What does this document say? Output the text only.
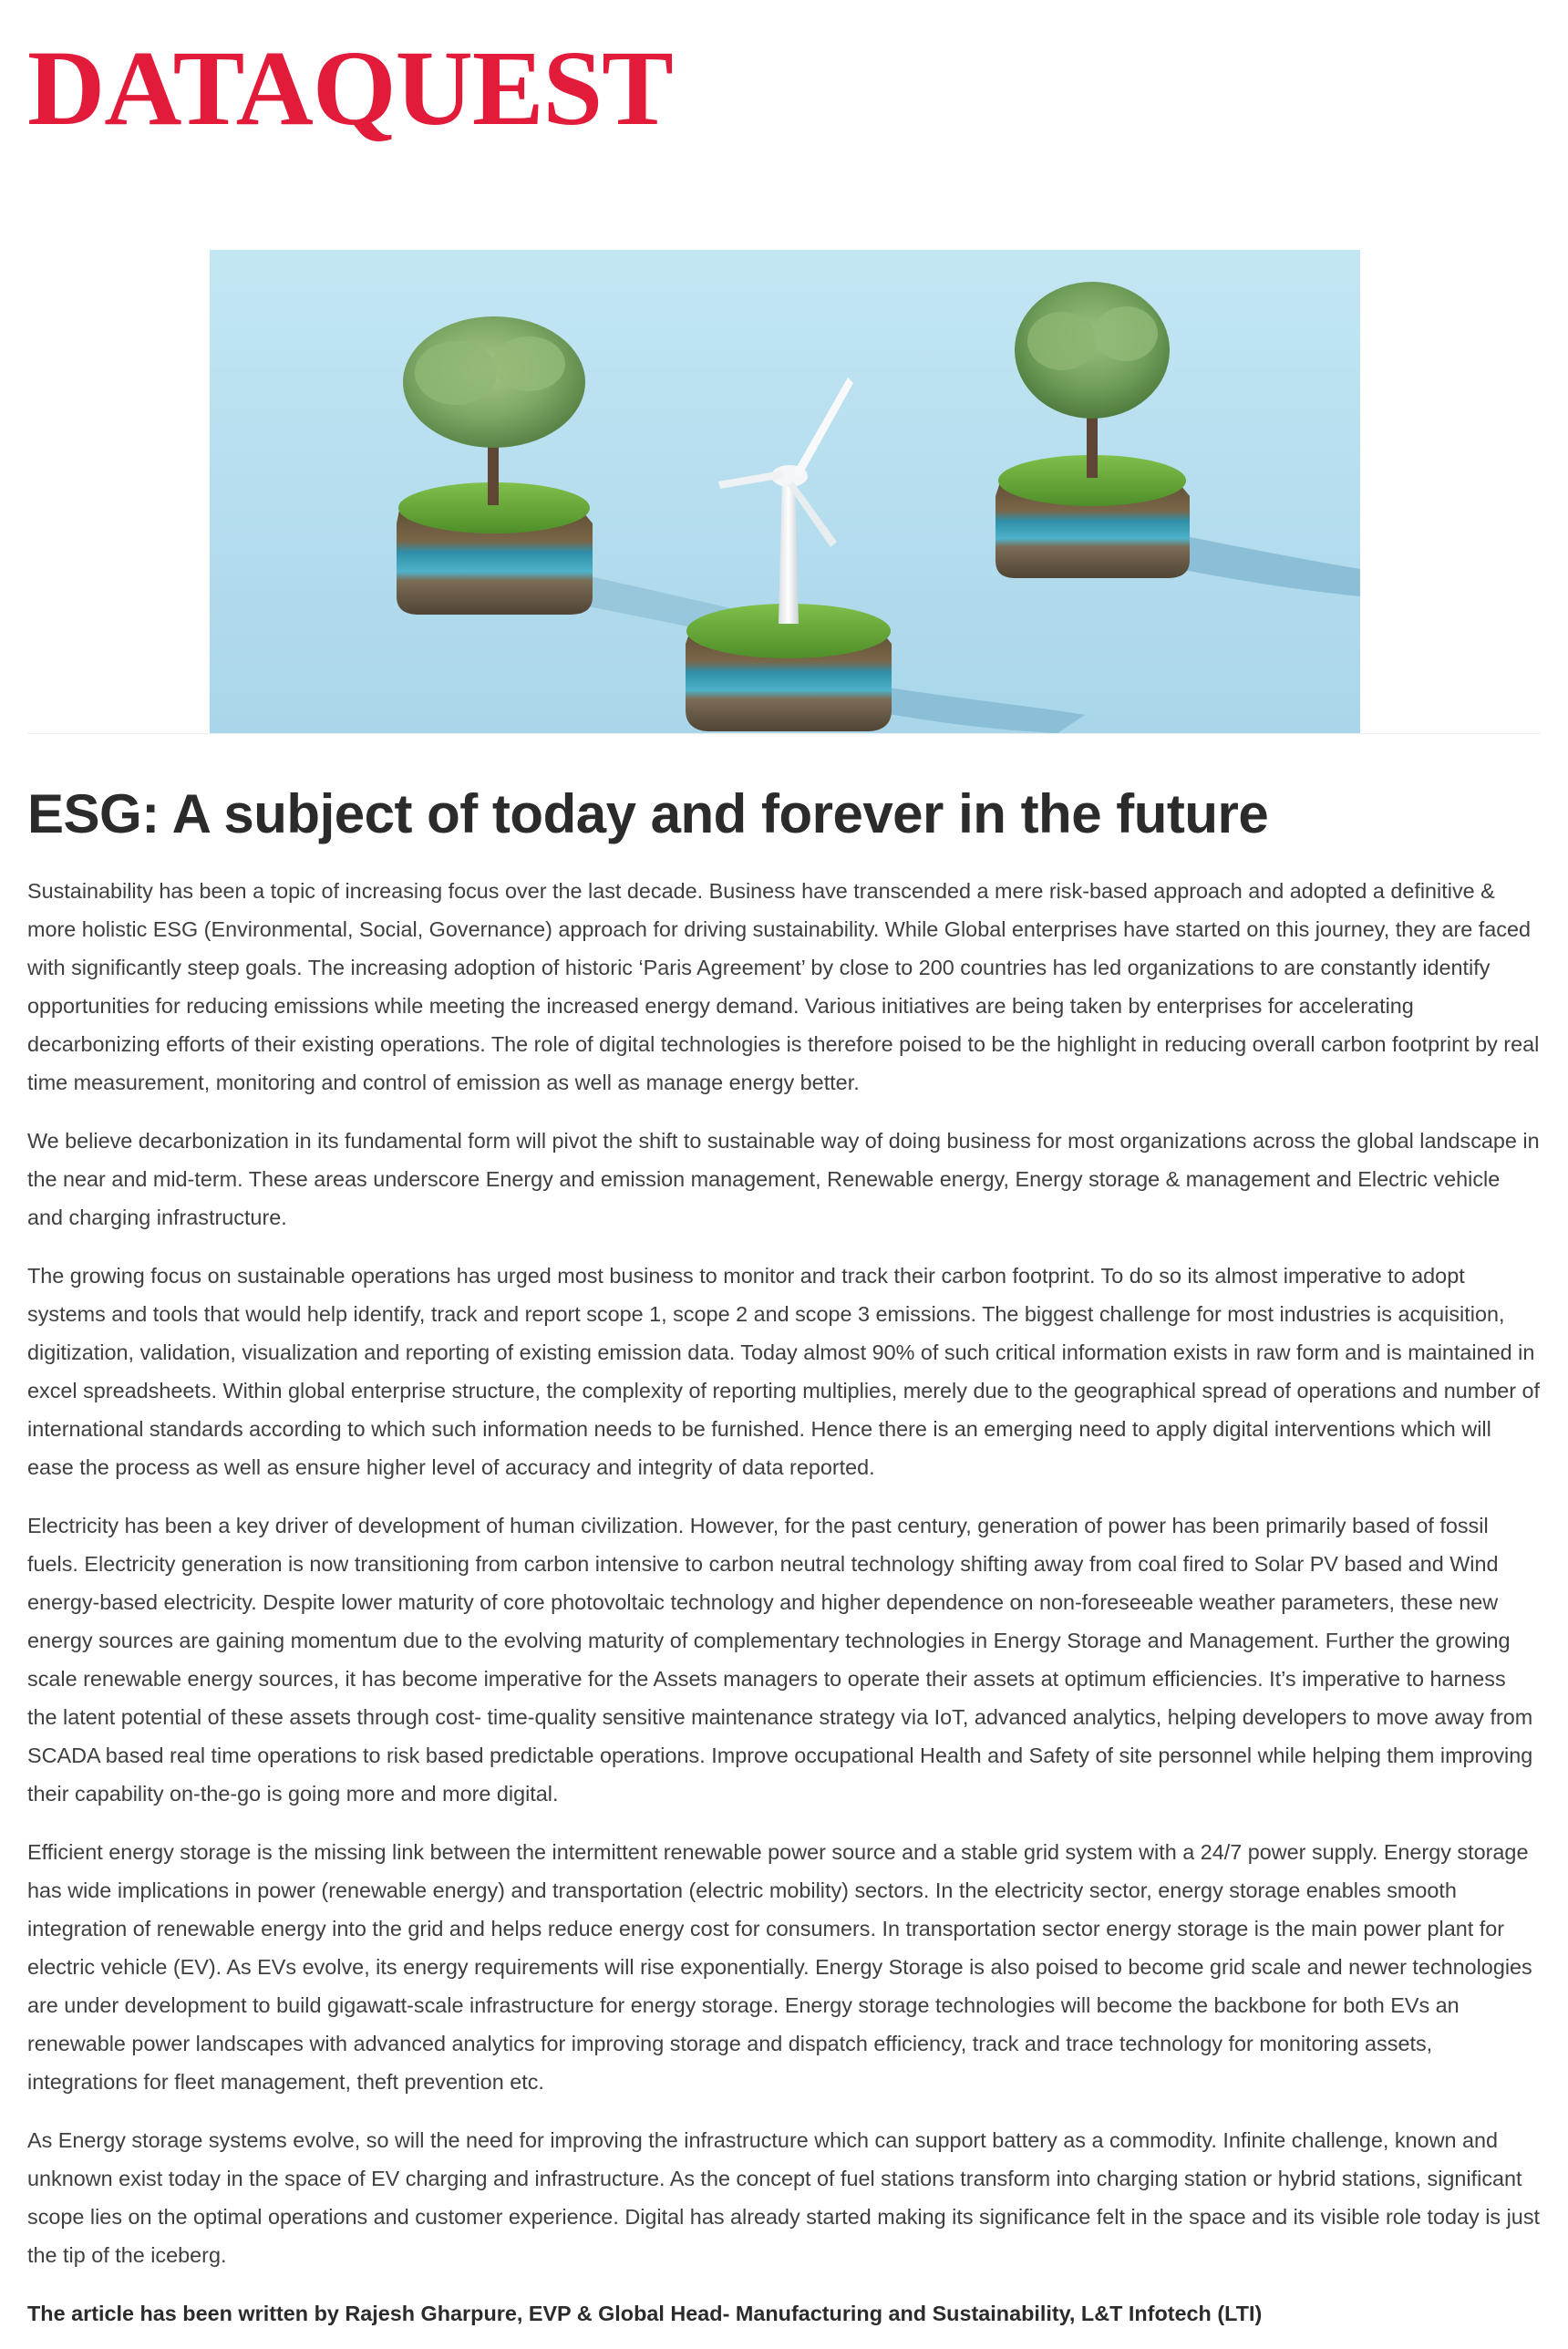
DATAQUEST
ESG: A subject of today and forever in the future

Sustainability has been a topic of increasing focus over the last decade. Business have transcended a mere risk-based approach and adopted a definitive & more holistic ESG (Environmental, Social, Governance) approach for driving sustainability. While Global enterprises have started on this journey, they are faced with significantly steep goals. The increasing adoption of historic ‘Paris Agreement’ by close to 200 countries has led organizations to are constantly identify opportunities for reducing emissions while meeting the increased energy demand. Various initiatives are being taken by enterprises for accelerating decarbonizing efforts of their existing operations. The role of digital technologies is therefore poised to be the highlight in reducing overall carbon footprint by real time measurement, monitoring and control of emission as well as manage energy better.

We believe decarbonization in its fundamental form will pivot the shift to sustainable way of doing business for most organizations across the global landscape in the near and mid-term. These areas underscore Energy and emission management, Renewable energy, Energy storage & management and Electric vehicle and charging infrastructure.

The growing focus on sustainable operations has urged most business to monitor and track their carbon footprint. To do so its almost imperative to adopt systems and tools that would help identify, track and report scope 1, scope 2 and scope 3 emissions. The biggest challenge for most industries is acquisition, digitization, validation, visualization and reporting of existing emission data. Today almost 90% of such critical information exists in raw form and is maintained in excel spreadsheets. Within global enterprise structure, the complexity of reporting multiplies, merely due to the geographical spread of operations and number of international standards according to which such information needs to be furnished. Hence there is an emerging need to apply digital interventions which will ease the process as well as ensure higher level of accuracy and integrity of data reported.

Electricity has been a key driver of development of human civilization. However, for the past century, generation of power has been primarily based of fossil fuels. Electricity generation is now transitioning from carbon intensive to carbon neutral technology shifting away from coal fired to Solar PV based and Wind energy-based electricity. Despite lower maturity of core photovoltaic technology and higher dependence on non-foreseeable weather parameters, these new energy sources are gaining momentum due to the evolving maturity of complementary technologies in Energy Storage and Management. Further the growing scale renewable energy sources, it has become imperative for the Assets managers to operate their assets at optimum efficiencies. It’s imperative to harness the latent potential of these assets through cost- time-quality sensitive maintenance strategy via IoT, advanced analytics, helping developers to move away from SCADA based real time operations to risk based predictable operations. Improve occupational Health and Safety of site personnel while helping them improving their capability on-the-go is going more and more digital.

Efficient energy storage is the missing link between the intermittent renewable power source and a stable grid system with a 24/7 power supply. Energy storage has wide implications in power (renewable energy) and transportation (electric mobility) sectors. In the electricity sector, energy storage enables smooth integration of renewable energy into the grid and helps reduce energy cost for consumers. In transportation sector energy storage is the main power plant for electric vehicle (EV). As EVs evolve, its energy requirements will rise exponentially. Energy Storage is also poised to become grid scale and newer technologies are under development to build gigawatt-scale infrastructure for energy storage. Energy storage technologies will become the backbone for both EVs an renewable power landscapes with advanced analytics for improving storage and dispatch efficiency, track and trace technology for monitoring assets, integrations for fleet management, theft prevention etc.

As Energy storage systems evolve, so will the need for improving the infrastructure which can support battery as a commodity. Infinite challenge, known and unknown exist today in the space of EV charging and infrastructure. As the concept of fuel stations transform into charging station or hybrid stations, significant scope lies on the optimal operations and customer experience. Digital has already started making its significance felt in the space and its visible role today is just the tip of the iceberg.

The article has been written by Rajesh Gharpure, EVP & Global Head- Manufacturing and Sustainability, L&T Infotech (LTI)
